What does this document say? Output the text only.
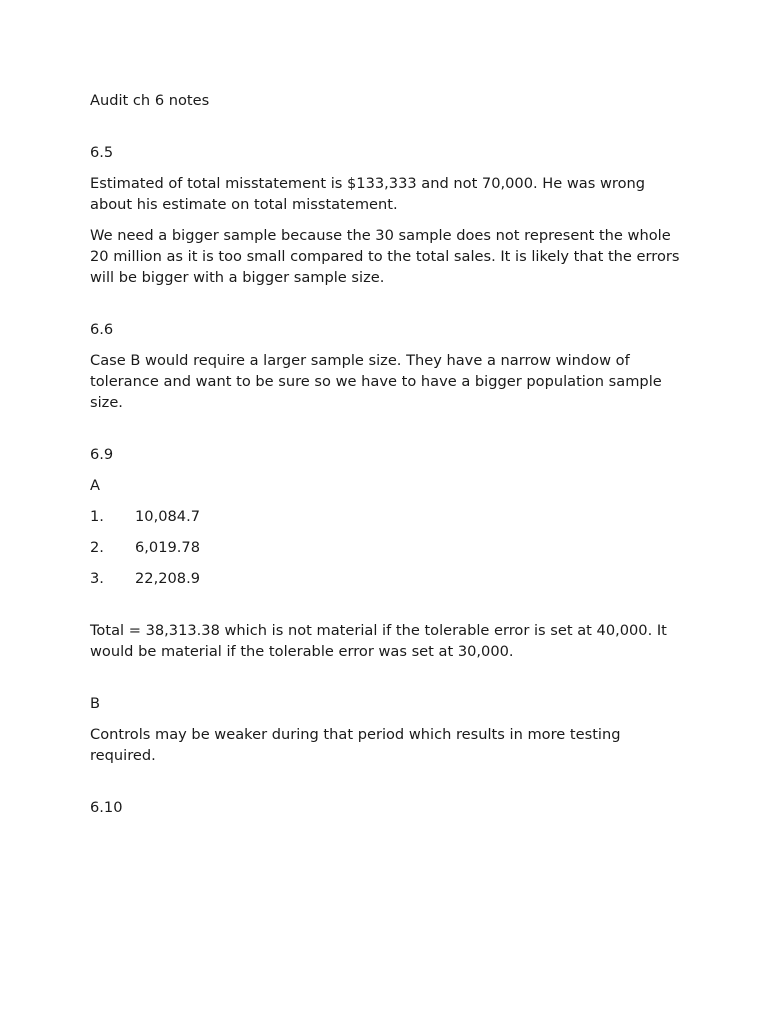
Audit ch 6 notes

6.5

Estimated of total misstatement is $133,333 and not 70,000. He was wrong about his estimate on total misstatement.

We need a bigger sample because the 30 sample does not represent the whole 20 million as it is too small compared to the total sales. It is likely that the errors will be bigger with a bigger sample size.

6.6

Case B would require a larger sample size. They have a narrow window of tolerance and want to be sure so we have to have a bigger population sample size.

6.9

A

1.	10,084.7
2.	6,019.78
3.	22,208.9

Total = 38,313.38 which is not material if the tolerable error is set at 40,000. It would be material if the tolerable error was set at 30,000.

B

Controls may be weaker during that period which results in more testing required.

6.10
